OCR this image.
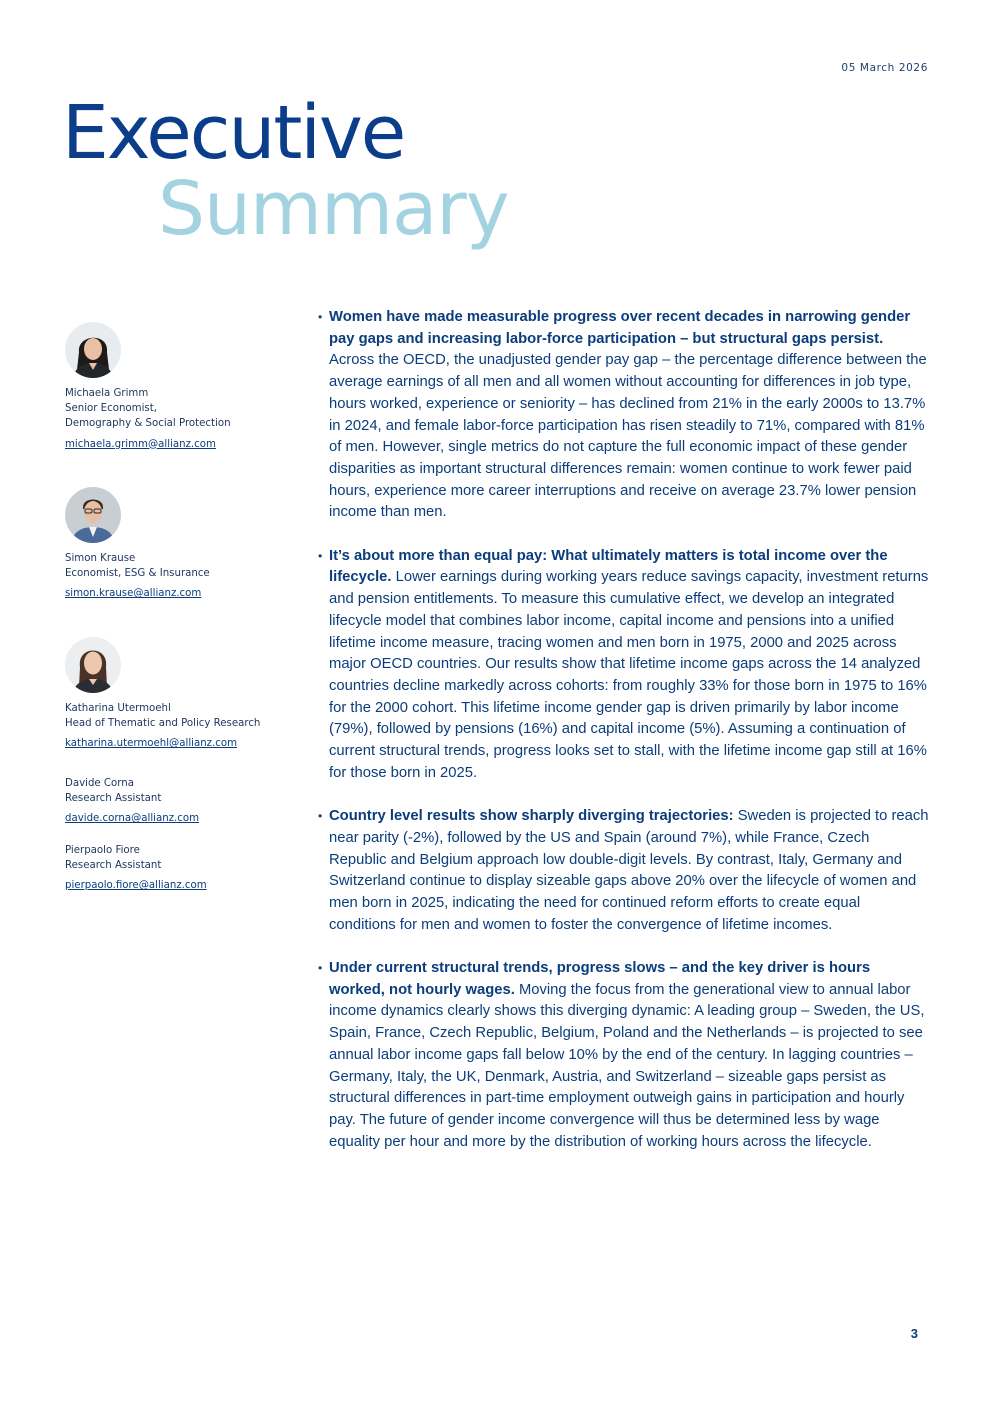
05 March 2026
Executive
Summary
Michaela Grimm
Senior Economist,
Demography & Social Protection
michaela.grimm@allianz.com
Simon Krause
Economist, ESG & Insurance
simon.krause@allianz.com
Katharina Utermoehl
Head of Thematic and Policy Research
katharina.utermoehl@allianz.com
Davide Corna
Research Assistant
davide.corna@allianz.com
Pierpaolo Fiore
Research Assistant
pierpaolo.fiore@allianz.com

• Women have made measurable progress over recent decades in narrowing gender pay gaps and increasing labor-force participation – but structural gaps persist. Across the OECD, the unadjusted gender pay gap – the percentage difference between the average earnings of all men and all women without accounting for differences in job type, hours worked, experience or seniority – has declined from 21% in the early 2000s to 13.7% in 2024, and female labor-force participation has risen steadily to 71%, compared with 81% of men. However, single metrics do not capture the full economic impact of these gender disparities as important structural differences remain: women continue to work fewer paid hours, experience more career interruptions and receive on average 23.7% lower pension income than men.

• It’s about more than equal pay: What ultimately matters is total income over the lifecycle. Lower earnings during working years reduce savings capacity, investment returns and pension entitlements. To measure this cumulative effect, we develop an integrated lifecycle model that combines labor income, capital income and pensions into a unified lifetime income measure, tracing women and men born in 1975, 2000 and 2025 across major OECD countries. Our results show that lifetime income gaps across the 14 analyzed countries decline markedly across cohorts: from roughly 33% for those born in 1975 to 16% for the 2000 cohort. This lifetime income gender gap is driven primarily by labor income (79%), followed by pensions (16%) and capital income (5%). Assuming a continuation of current structural trends, progress looks set to stall, with the lifetime income gap still at 16% for those born in 2025.

• Country level results show sharply diverging trajectories: Sweden is projected to reach near parity (-2%), followed by the US and Spain (around 7%), while France, Czech Republic and Belgium approach low double-digit levels. By contrast, Italy, Germany and Switzerland continue to display sizeable gaps above 20% over the lifecycle of women and men born in 2025, indicating the need for continued reform efforts to create equal conditions for men and women to foster the convergence of lifetime incomes.

• Under current structural trends, progress slows – and the key driver is hours worked, not hourly wages. Moving the focus from the generational view to annual labor income dynamics clearly shows this diverging dynamic: A leading group – Sweden, the US, Spain, France, Czech Republic, Belgium, Poland and the Netherlands – is projected to see annual labor income gaps fall below 10% by the end of the century. In lagging countries – Germany, Italy, the UK, Denmark, Austria, and Switzerland – sizeable gaps persist as structural differences in part-time employment outweigh gains in participation and hourly pay. The future of gender income convergence will thus be determined less by wage equality per hour and more by the distribution of working hours across the lifecycle.

3
